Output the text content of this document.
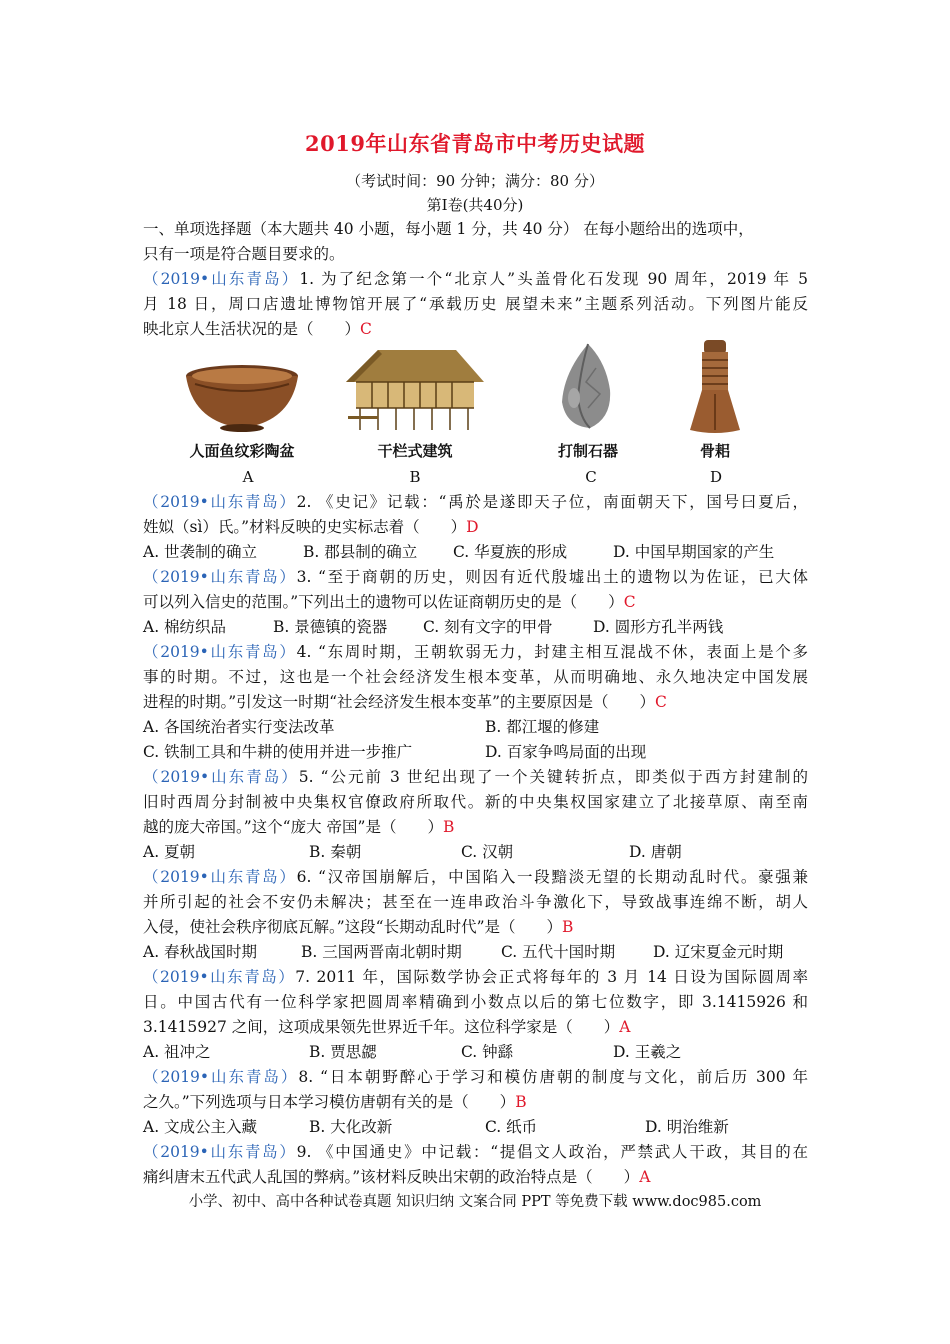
2019年山东省青岛市中考历史试题
（考试时间：90 分钟；满分：80 分）
第Ⅰ卷(共40分)
一、单项选择题（本大题共 40 小题，每小题 1 分，共 40 分） 在每小题给出的选项中，
只有一项是符合题目要求的。
（2019•山东青岛）1. 为了纪念第一个“北京人”头盖骨化石发现 90 周年，2019 年 5
月 18 日，周口店遗址博物馆开展了“承载历史 展望未来”主题系列活动。下列图片能反
映北京人生活状况的是（　　）C
人面鱼纹彩陶盆	干栏式建筑	打制石器	骨耜
A	B	C	D
（2019•山东青岛）2. 《史记》记载：“禹於是遂即天子位，南面朝天下，国号曰夏后，
姓姒（sì）氏。”材料反映的史实标志着（　　）D
A. 世袭制的确立	B. 郡县制的确立 C. 华夏族的形成	D. 中国早期国家的产生
（2019•山东青岛）3. “至于商朝的历史，则因有近代殷墟出土的遗物以为佐证，已大体
可以列入信史的范围。”下列出土的遗物可以佐证商朝历史的是（　　）C
A. 棉纺织品	B. 景德镇的瓷器 C. 刻有文字的甲骨	D. 圆形方孔半两钱
（2019•山东青岛）4. “东周时期，王朝软弱无力，封建主相互混战不休，表面上是个多
事的时期。不过，这也是一个社会经济发生根本变革，从而明确地、永久地决定中国发展
进程的时期。”引发这一时期“社会经济发生根本变革”的主要原因是（　　）C
A. 各国统治者实行变法改革	B. 都江堰的修建
C. 铁制工具和牛耕的使用并进一步推广	D. 百家争鸣局面的出现
（2019•山东青岛）5. “公元前 3 世纪出现了一个关键转折点，即类似于西方封建制的
旧时西周分封制被中央集权官僚政府所取代。新的中央集权国家建立了北接草原、南至南
越的庞大帝国。”这个“庞大 帝国”是（　　）B
A. 夏朝	B. 秦朝	C. 汉朝	D. 唐朝
（2019•山东青岛）6. “汉帝国崩解后，中国陷入一段黯淡无望的长期动乱时代。豪强兼
并所引起的社会不安仍未解决；甚至在一连串政治斗争激化下，导致战事连绵不断，胡人
入侵，使社会秩序彻底瓦解。”这段“长期动乱时代”是（　　）B
A. 春秋战国时期	B. 三国两晋南北朝时期	C. 五代十国时期 D. 辽宋夏金元时期
（2019•山东青岛）7. 2011 年，国际数学协会正式将每年的 3 月 14 日设为国际圆周率
日。中国古代有一位科学家把圆周率精确到小数点以后的第七位数字，即 3.1415926 和
3.1415927 之间，这项成果领先世界近千年。这位科学家是（　　）A
A. 祖冲之	B. 贾思勰	C. 钟繇	D. 王羲之
（2019•山东青岛）8. “日本朝野醉心于学习和模仿唐朝的制度与文化，前后历 300 年
之久。”下列选项与日本学习模仿唐朝有关的是（　　）B
A. 文成公主入藏	B. 大化改新	C. 纸币	D. 明治维新
（2019•山东青岛）9. 《中国通史》中记载：“提倡文人政治，严禁武人干政，其目的在
痛纠唐末五代武人乱国的弊病。”该材料反映出宋朝的政治特点是（　　）A
小学、初中、高中各种试卷真题 知识归纳 文案合同 PPT 等免费下载 www.doc985.com
